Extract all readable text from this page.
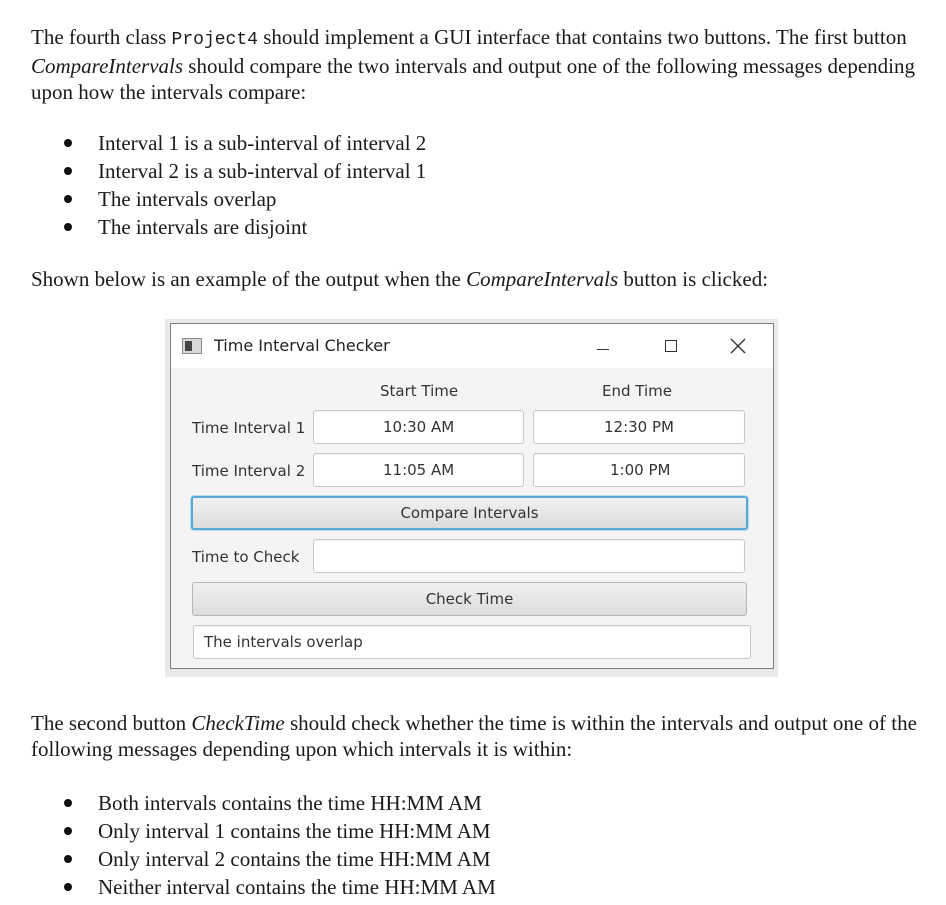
The fourth class Project4 should implement a GUI interface that contains two buttons. The first button CompareIntervals should compare the two intervals and output one of the following messages depending upon how the intervals compare:

Interval 1 is a sub-interval of interval 2
Interval 2 is a sub-interval of interval 1
The intervals overlap
The intervals are disjoint

Shown below is an example of the output when the CompareIntervals button is clicked:

Time Interval Checker
Start Time	End Time
Time Interval 1	10:30 AM	12:30 PM
Time Interval 2	11:05 AM	1:00 PM
Compare Intervals
Time to Check
Check Time
The intervals overlap

The second button CheckTime should check whether the time is within the intervals and output one of the following messages depending upon which intervals it is within:

Both intervals contains the time HH:MM AM
Only interval 1 contains the time HH:MM AM
Only interval 2 contains the time HH:MM AM
Neither interval contains the time HH:MM AM
